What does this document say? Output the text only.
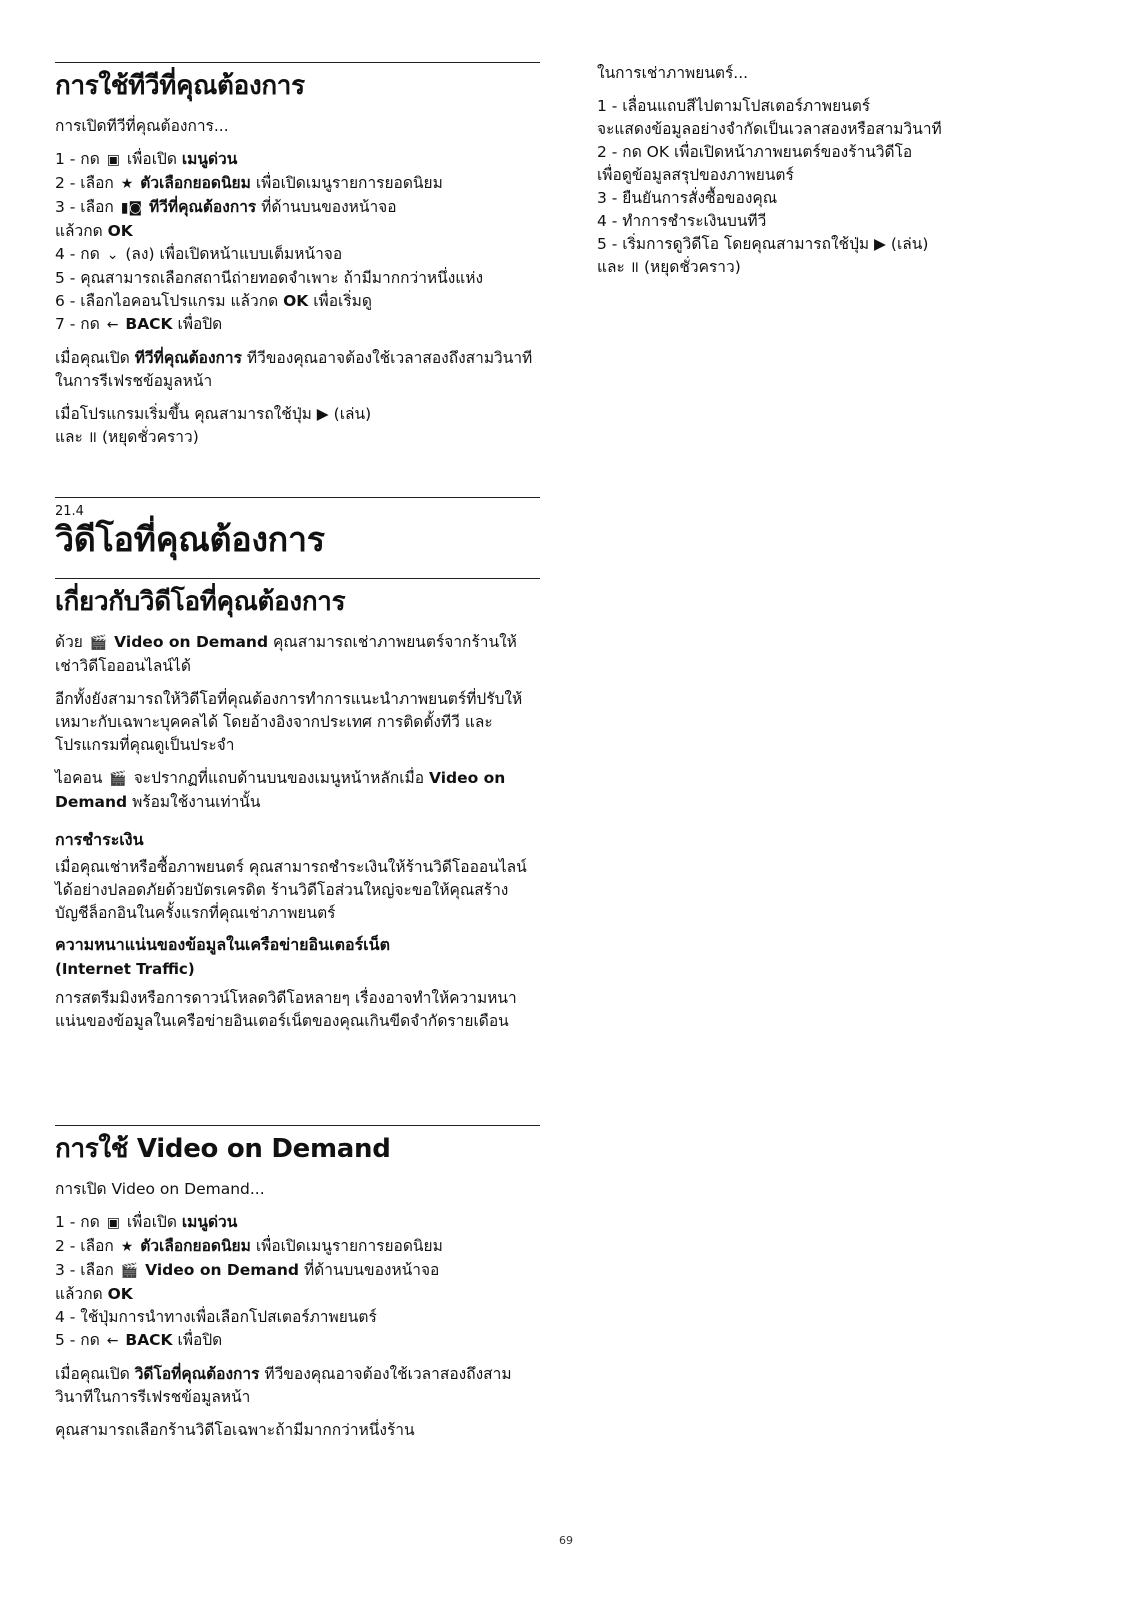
การใช้ทีวีที่คุณต้องการ

การเปิดทีวีที่คุณต้องการ...

1 - กด ▣ เพื่อเปิด เมนูด่วน
2 - เลือก ★ ตัวเลือกยอดนิยม เพื่อเปิดเมนูรายการยอดนิยม
3 - เลือก ▮◙ ทีวีที่คุณต้องการ ที่ด้านบนของหน้าจอ
แล้วกด OK
4 - กด ⌄ (ลง) เพื่อเปิดหน้าแบบเต็มหน้าจอ
5 - คุณสามารถเลือกสถานีถ่ายทอดจำเพาะ ถ้ามีมากกว่าหนึ่งแห่ง
6 - เลือกไอคอนโปรแกรม แล้วกด OK เพื่อเริ่มดู
7 - กด ← BACK เพื่อปิด

เมื่อคุณเปิด ทีวีที่คุณต้องการ ทีวีของคุณอาจต้องใช้เวลาสองถึงสามวินาทีในการรีเฟรชข้อมูลหน้า

เมื่อโปรแกรมเริ่มขึ้น คุณสามารถใช้ปุ่ม ▶ (เล่น)
และ ॥ (หยุดชั่วคราว)

21.4

วิดีโอที่คุณต้องการ
เกี่ยวกับวิดีโอที่คุณต้องการ

ด้วย 🎬 Video on Demand คุณสามารถเช่าภาพยนตร์จากร้านให้เช่าวิดีโอออนไลน์ได้

อีกทั้งยังสามารถให้วิดีโอที่คุณต้องการทำการแนะนำภาพยนตร์ที่ปรับให้เหมาะกับเฉพาะบุคคลได้ โดยอ้างอิงจากประเทศ การติดตั้งทีวี และโปรแกรมที่คุณดูเป็นประจำ

ไอคอน 🎬 จะปรากฏที่แถบด้านบนของเมนูหน้าหลักเมื่อ Video on Demand พร้อมใช้งานเท่านั้น

การชำระเงิน

เมื่อคุณเช่าหรือซื้อภาพยนตร์ คุณสามารถชำระเงินให้ร้านวิดีโอออนไลน์ได้อย่างปลอดภัยด้วยบัตรเครดิต ร้านวิดีโอส่วนใหญ่จะขอให้คุณสร้างบัญชีล็อกอินในครั้งแรกที่คุณเช่าภาพยนตร์

ความหนาแน่นของข้อมูลในเครือข่ายอินเตอร์เน็ต

(Internet Traffic)

การสตรีมมิงหรือการดาวน์โหลดวิดีโอหลายๆ เรื่องอาจทำให้ความหนาแน่นของข้อมูลในเครือข่ายอินเตอร์เน็ตของคุณเกินขีดจำกัดรายเดือน

การใช้ Video on Demand

การเปิด Video on Demand...

1 - กด ▣ เพื่อเปิด เมนูด่วน
2 - เลือก ★ ตัวเลือกยอดนิยม เพื่อเปิดเมนูรายการยอดนิยม
3 - เลือก 🎬 Video on Demand ที่ด้านบนของหน้าจอ
แล้วกด OK
4 - ใช้ปุ่มการนำทางเพื่อเลือกโปสเตอร์ภาพยนตร์
5 - กด ← BACK เพื่อปิด

เมื่อคุณเปิด วิดีโอที่คุณต้องการ ทีวีของคุณอาจต้องใช้เวลาสองถึงสามวินาทีในการรีเฟรชข้อมูลหน้า

คุณสามารถเลือกร้านวิดีโอเฉพาะถ้ามีมากกว่าหนึ่งร้าน

ในการเช่าภาพยนตร์...

1 - เลื่อนแถบสีไปตามโปสเตอร์ภาพยนตร์
จะแสดงข้อมูลอย่างจำกัดเป็นเวลาสองหรือสามวินาที
2 - กด OK เพื่อเปิดหน้าภาพยนตร์ของร้านวิดีโอ
เพื่อดูข้อมูลสรุปของภาพยนตร์
3 - ยืนยันการสั่งซื้อของคุณ
4 - ทำการชำระเงินบนทีวี
5 - เริ่มการดูวิดีโอ โดยคุณสามารถใช้ปุ่ม ▶ (เล่น)
และ ॥ (หยุดชั่วคราว)
69
